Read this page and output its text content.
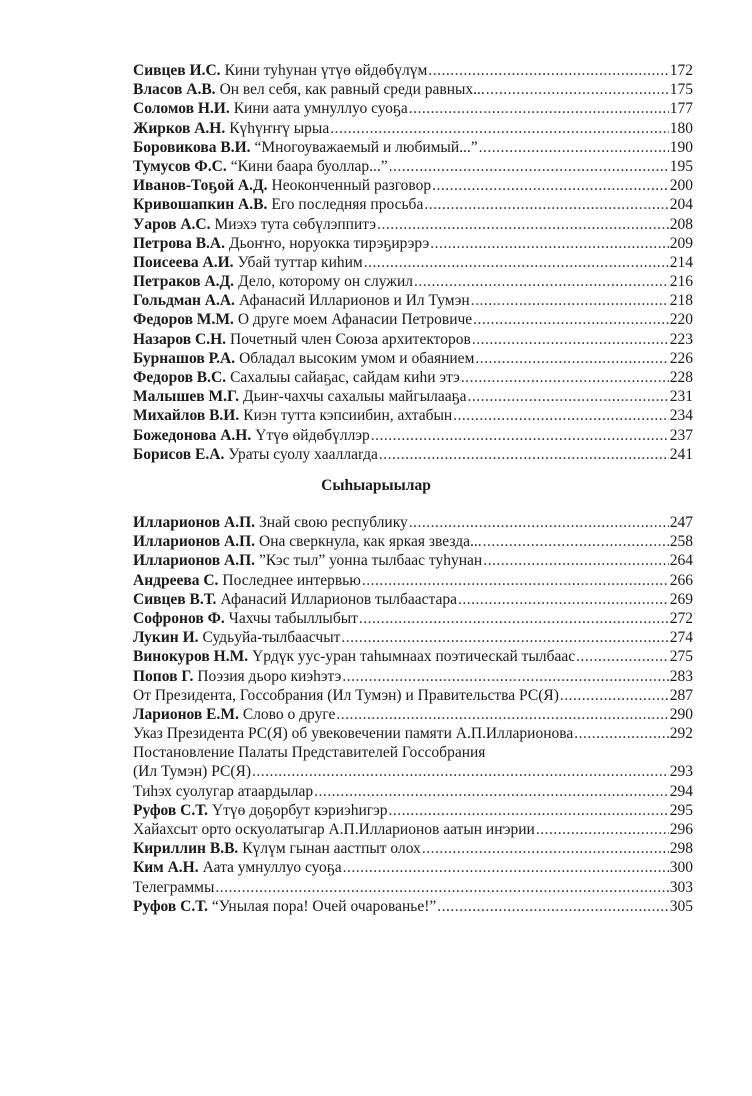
Сивцев И.С. Кини туһунан үтүө өйдөбүлүм .....	172
Власов А.В. Он вел себя, как равный среди равных... .....	175
Соломов Н.И. Кини аата умнуллуо суоҕа .....	177
Жирков А.Н. Күһүҥҥү ырыа .....	180
Боровикова В.И. “Многоуважаемый и любимый...” .....	190
Тумусов Ф.С. “Кини баара буоллар...” .....	195
Иванов-Тоҕой А.Д. Неоконченный разговор .....	200
Кривошапкин А.В. Его последняя просьба .....	204
Уаров А.С. Миэхэ тута сөбүлэппитэ .....	208
Петрова В.А. Дьоҥҥо, норуокка тирэҕирэрэ .....	209
Поисеева А.И. Убай туттар киһим .....	214
Петраков А.Д. Дело, которому он служил .....	216
Гольдман А.А. Афанасий Илларионов и Ил Тумэн .....	218
Федоров М.М. О друге моем Афанасии Петровиче .....	220
Назаров С.Н. Почетный член Союза архитекторов .....	223
Бурнашов Р.А. Обладал высоким умом и обаянием .....	226
Федоров В.С. Сахалыы сайаҕас, сайдам киһи этэ .....	228
Малышев М.Г. Дьиҥ-чахчы сахалыы майгылааҕа .....	231
Михайлов В.И. Киэн тутта кэпсиибин, ахтабын .....	234
Божедонова А.Н. Үтүө өйдөбүллэр .....	237
Борисов Е.А. Ураты суолу хааллarда .....	241
Сыһыарыылар
Илларионов А.П. Знай свою республику .....	247
Илларионов А.П. Она сверкнула, как яркая звезда... .....	258
Илларионов А.П. ”Кэс тыл” уонна тылбаас туһунан .....	264
Андреева С. Последнее интервью .....	266
Сивцев В.Т. Афанасий Илларионов тылбаастара .....	269
Софронов Ф. Чахчы табыллыбыт .....	272
Лукин И. Судьуйа-тылбаасчыт .....	274
Винокуров Н.М. Үрдүк уус-уран таһымнаах поэтическай тылбаас .....	275
Попов Г. Поэзия дьоро киэһэтэ .....	283
От Президента, Госсобрания (Ил Тумэн) и Правительства РС(Я) .....	287
Ларионов Е.М. Слово о друге .....	290
Указ Президента РС(Я) об увековечении памяти А.П.Илларионова .....	292
Постановление Палаты Представителей Госсобрания
(Ил Тумэн) РС(Я) .....	293
Тиһэх суолугар атаардылар .....	294
Руфов С.Т. Үтүө доҕорбут кэриэһигэр .....	295
Хайахсыт орто оскуолатыгар А.П.Илларионов аатын иҥэрии .....	296
Кириллин В.В. Күлүм гынан аастпыт олох .....	298
Ким А.Н. Аата умнуллуо суоҕа .....	300
Телеграммы .....	303
Руфов С.Т. “Унылая пора! Очей очарованье!” .....	305
